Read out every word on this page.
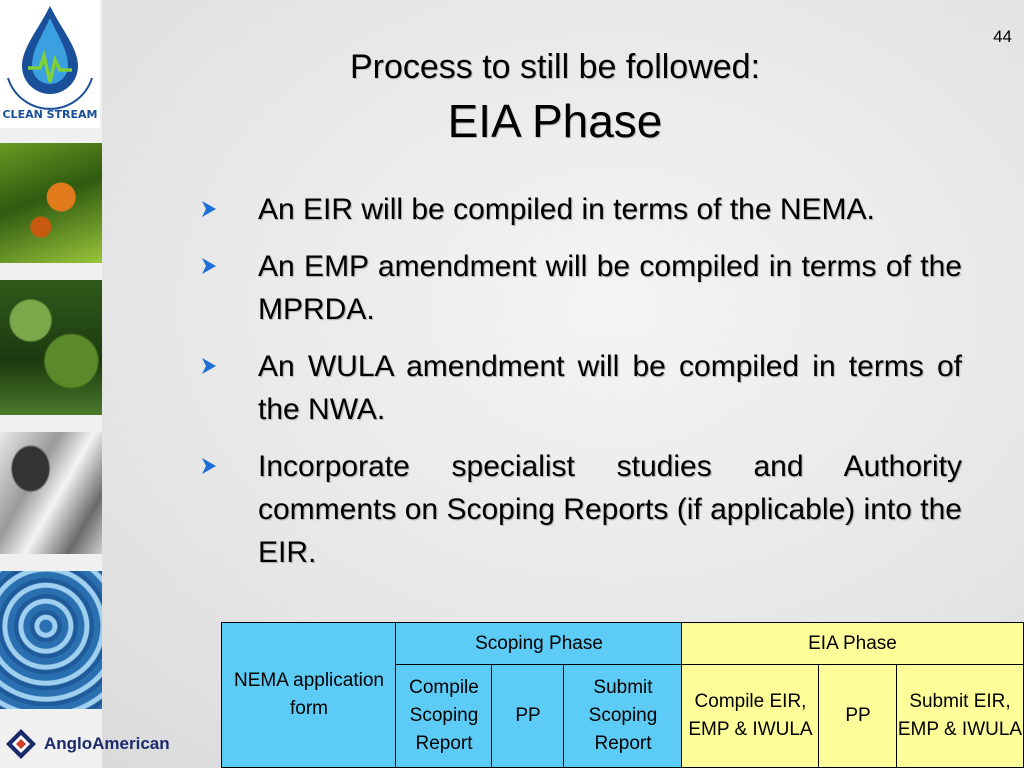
CLEAN STREAM
AngloAmerican
44
Process to still be followed:
EIA Phase
An EIR will be compiled in terms of the NEMA.
An EMP amendment will be compiled in terms of the MPRDA.
An WULA amendment will be compiled in terms of the NWA.
Incorporate specialist studies and Authority comments on Scoping Reports (if applicable) into the EIR.
NEMA application form
Scoping Phase	EIA Phase
Compile Scoping Report
PP
Submit Scoping Report
Compile EIR, EMP & IWULA
PP
Submit EIR, EMP & IWULA
